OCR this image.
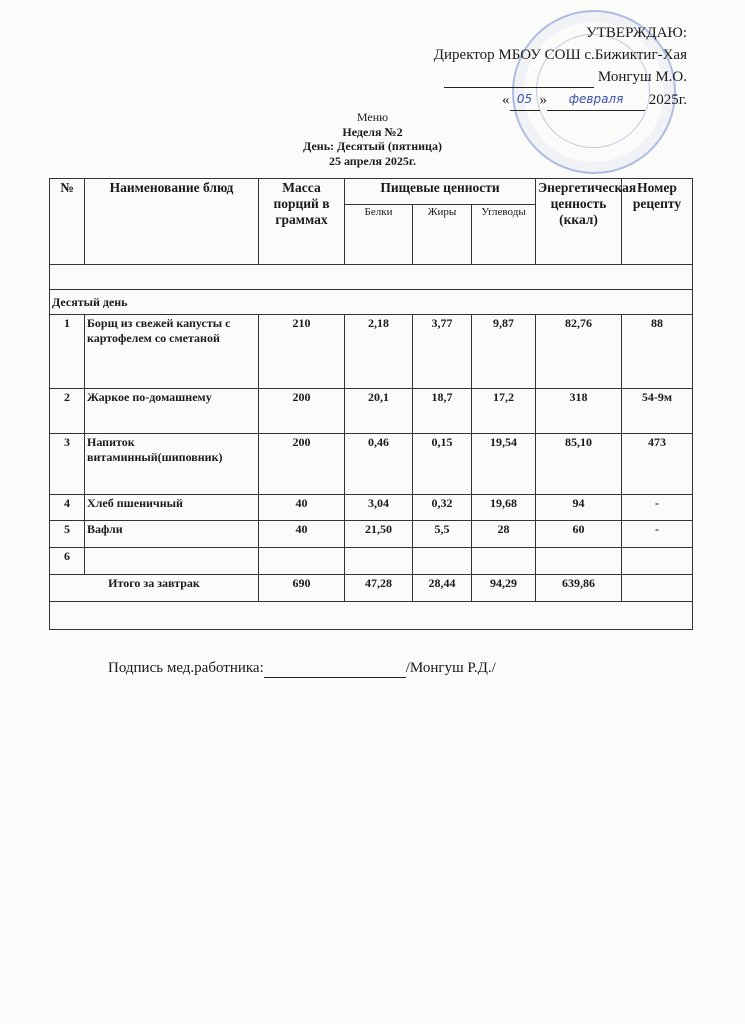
УТВЕРЖДАЮ:
Директор МБОУ СОШ с.Бижиктиг-Хая
Монгуш М.О.
« 05 » февраля 2025г.
Меню
Неделя №2
День: Десятый (пятница)
25 апреля 2025г.
№	Наименование блюд	Масса порций в граммах	Пищевые ценности			Энергетическая ценность (ккал)	Номер рецепту
			Белки	Жиры	Углеводы		

Десятый день							
1	Борщ из свежей капусты с картофелем со сметаной	210	2,18	3,77	9,87	82,76	88
2	Жаркое по-домашнему	200	20,1	18,7	17,2	318	54-9м
3	Напиток витаминный(шиповник)	200	0,46	0,15	19,54	85,10	473
4	Хлеб пшеничный	40	3,04	0,32	19,68	94	-
5	Вафли	40	21,50	5,5	28	60	-
6							
Итого за завтрак		690	47,28	28,44	94,29	639,86	

Подпись мед.работника:	/Монгуш Р.Д./
